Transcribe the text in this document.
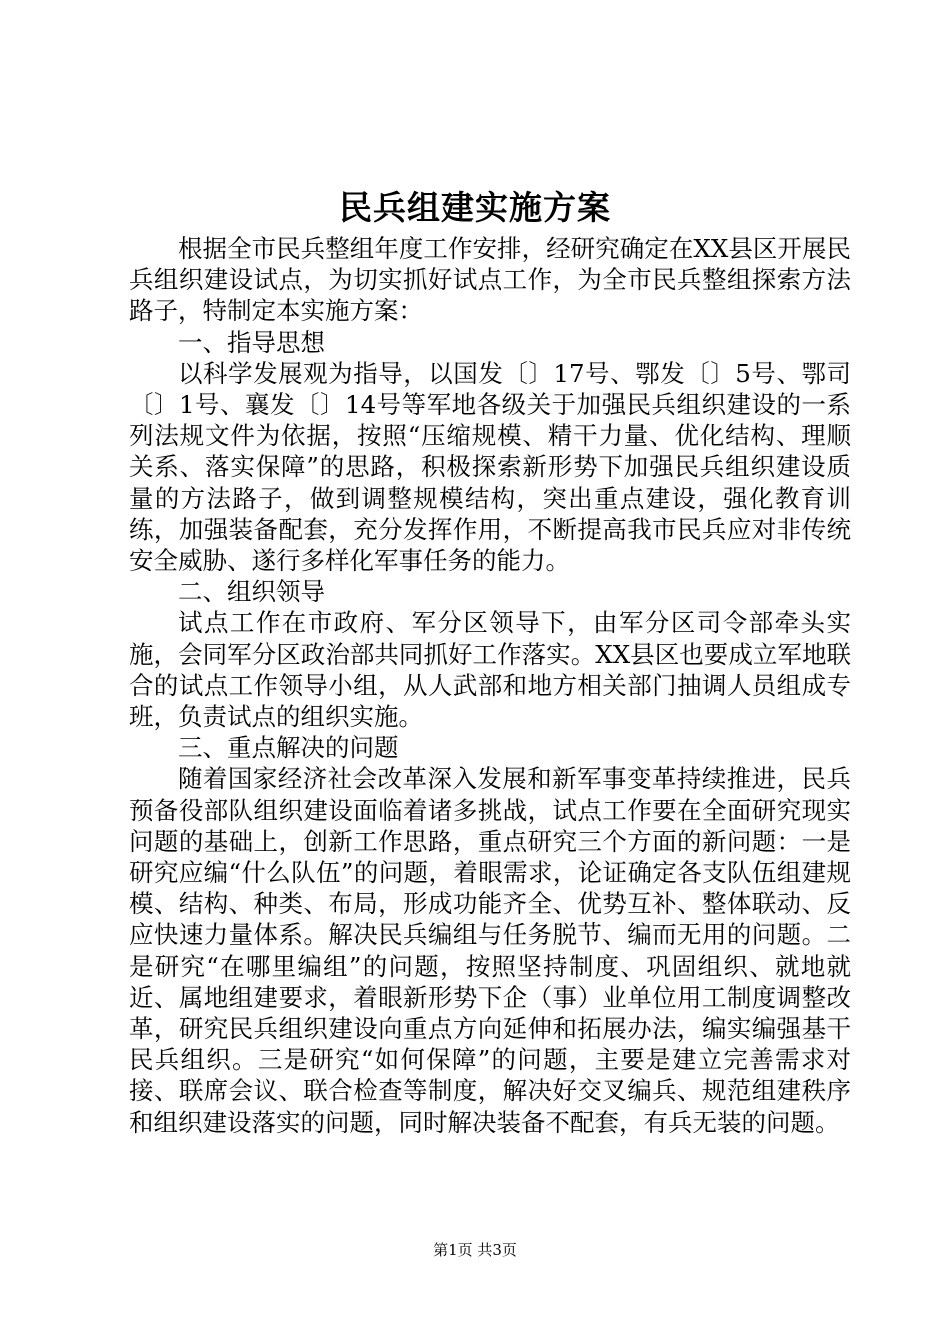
民兵组建实施方案

根据全市民兵整组年度工作安排，经研究确定在XX县区开展民兵组织建设试点，为切实抓好试点工作，为全市民兵整组探索方法路子，特制定本实施方案：

一、指导思想

以科学发展观为指导，以国发〔〕17号、鄂发〔〕5号、鄂司〔〕1号、襄发〔〕14号等军地各级关于加强民兵组织建设的一系列法规文件为依据，按照“压缩规模、精干力量、优化结构、理顺关系、落实保障”的思路，积极探索新形势下加强民兵组织建设质量的方法路子，做到调整规模结构，突出重点建设，强化教育训练，加强装备配套，充分发挥作用，不断提高我市民兵应对非传统安全威胁、遂行多样化军事任务的能力。

二、组织领导

试点工作在市政府、军分区领导下，由军分区司令部牵头实施，会同军分区政治部共同抓好工作落实。XX县区也要成立军地联合的试点工作领导小组，从人武部和地方相关部门抽调人员组成专班，负责试点的组织实施。

三、重点解决的问题

随着国家经济社会改革深入发展和新军事变革持续推进，民兵预备役部队组织建设面临着诸多挑战，试点工作要在全面研究现实问题的基础上，创新工作思路，重点研究三个方面的新问题：一是研究应编“什么队伍”的问题，着眼需求，论证确定各支队伍组建规模、结构、种类、布局，形成功能齐全、优势互补、整体联动、反应快速力量体系。解决民兵编组与任务脱节、编而无用的问题。二是研究“在哪里编组”的问题，按照坚持制度、巩固组织、就地就近、属地组建要求，着眼新形势下企（事）业单位用工制度调整改革，研究民兵组织建设向重点方向延伸和拓展办法，编实编强基干民兵组织。三是研究“如何保障”的问题，主要是建立完善需求对接、联席会议、联合检查等制度，解决好交叉编兵、规范组建秩序和组织建设落实的问题，同时解决装备不配套，有兵无装的问题。

第1页 共3页
